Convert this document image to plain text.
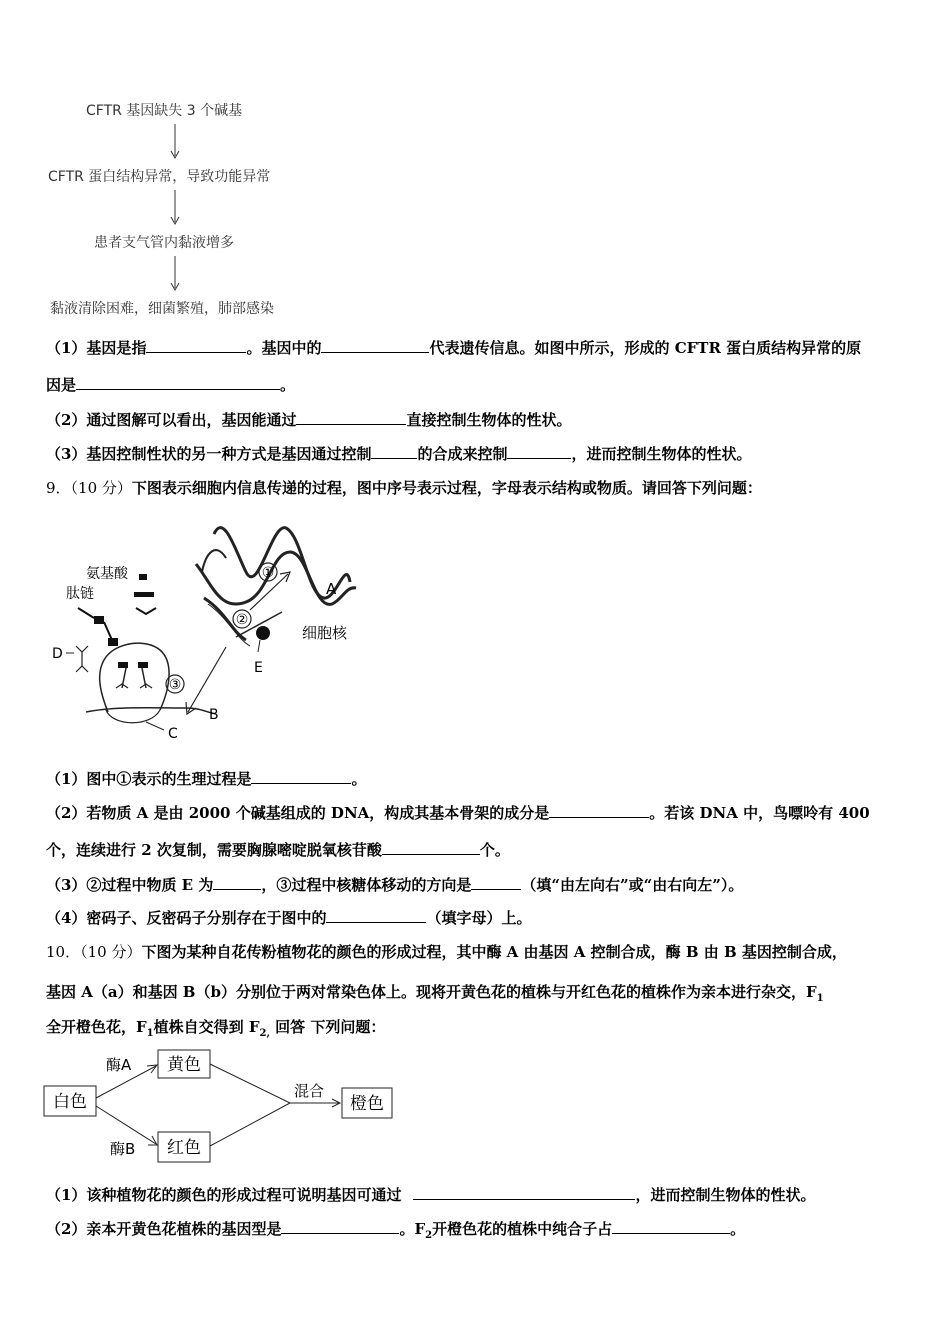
CFTR 基因缺失 3 个碱基
CFTR 蛋白结构异常，导致功能异常
患者支气管内黏液增多
黏液清除困难，细菌繁殖，肺部感染
（1）基因是指	。基因中的	代表遗传信息。如图中所示，形成的 CFTR 蛋白质结构异常的原
因是	。
（2）通过图解可以看出，基因能通过	直接控制生物体的性状。
（3）基因控制性状的另一种方式是基因通过控制	的合成来控制	，进而控制生物体的性状。
9．（10 分）下图表示细胞内信息传递的过程，图中序号表示过程，字母表示结构或物质。请回答下列问题：
①
A
②
E
细胞核
氨基酸
肽链
D
③
B
C
（1）图中①表示的生理过程是	。
（2）若物质 A 是由 2000 个碱基组成的 DNA，构成其基本骨架的成分是	。若该 DNA 中，鸟嘌呤有 400
个，连续进行 2 次复制，需要胸腺嘧啶脱氧核苷酸	个。
（3）②过程中物质 E 为	，③过程中核糖体移动的方向是	（填“由左向右”或“由右向左”）。
（4）密码子、反密码子分别存在于图中的	（填字母）上。
10．（10 分）下图为某种自花传粉植物花的颜色的形成过程，其中酶 A 由基因 A 控制合成，酶 B 由 B 基因控制合成，
基因 A（a）和基因 B（b）分别位于两对常染色体上。现将开黄色花的植株与开红色花的植株作为亲本进行杂交，$F_1$
全开橙色花，$F_1$植株自交得到 $F_{2,}$ 回答 下列问题：
白色
黄色
红色
橙色
酶A
酶B
混合
（1）该种植物花的颜色的形成过程可说明基因可通过	，进而控制生物体的性状。
（2）亲本开黄色花植株的基因型是	。$F_2$开橙色花的植株中纯合子占	。
